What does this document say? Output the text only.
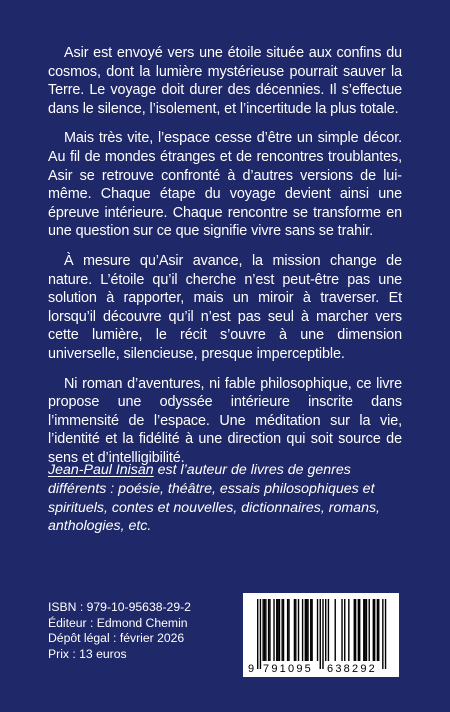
Asir est envoyé vers une étoile située aux confins du cosmos, dont la lumière mystérieuse pourrait sauver la Terre. Le voyage doit durer des décennies. Il s’effectue dans le silence, l’isolement, et l’incertitude la plus totale.

Mais très vite, l’espace cesse d’être un simple décor. Au fil de mondes étranges et de rencontres troublantes, Asir se retrouve confronté à d’autres versions de lui-même. Chaque étape du voyage devient ainsi une épreuve intérieure. Chaque rencontre se transforme en une question sur ce que signifie vivre sans se trahir.

À mesure qu’Asir avance, la mission change de nature. L’étoile qu’il cherche n’est peut-être pas une solution à rapporter, mais un miroir à traverser. Et lorsqu’il découvre qu’il n’est pas seul à marcher vers cette lumière, le récit s’ouvre à une dimension universelle, silencieuse, presque imperceptible.

Ni roman d’aventures, ni fable philosophique, ce livre propose une odyssée intérieure inscrite dans l’immensité de l’espace. Une méditation sur la vie, l’identité et la fidélité à une direction qui soit source de sens et d’intelligibilité.

Jean-Paul Inisan est l’auteur de livres de genres différents : poésie, théâtre, essais philosophiques et spirituels, contes et nouvelles, dictionnaires, romans, anthologies, etc.

ISBN : 979-10-95638-29-2
Éditeur : Edmond Chemin
Dépôt légal : février 2026
Prix : 13 euros
9 791095 638292
